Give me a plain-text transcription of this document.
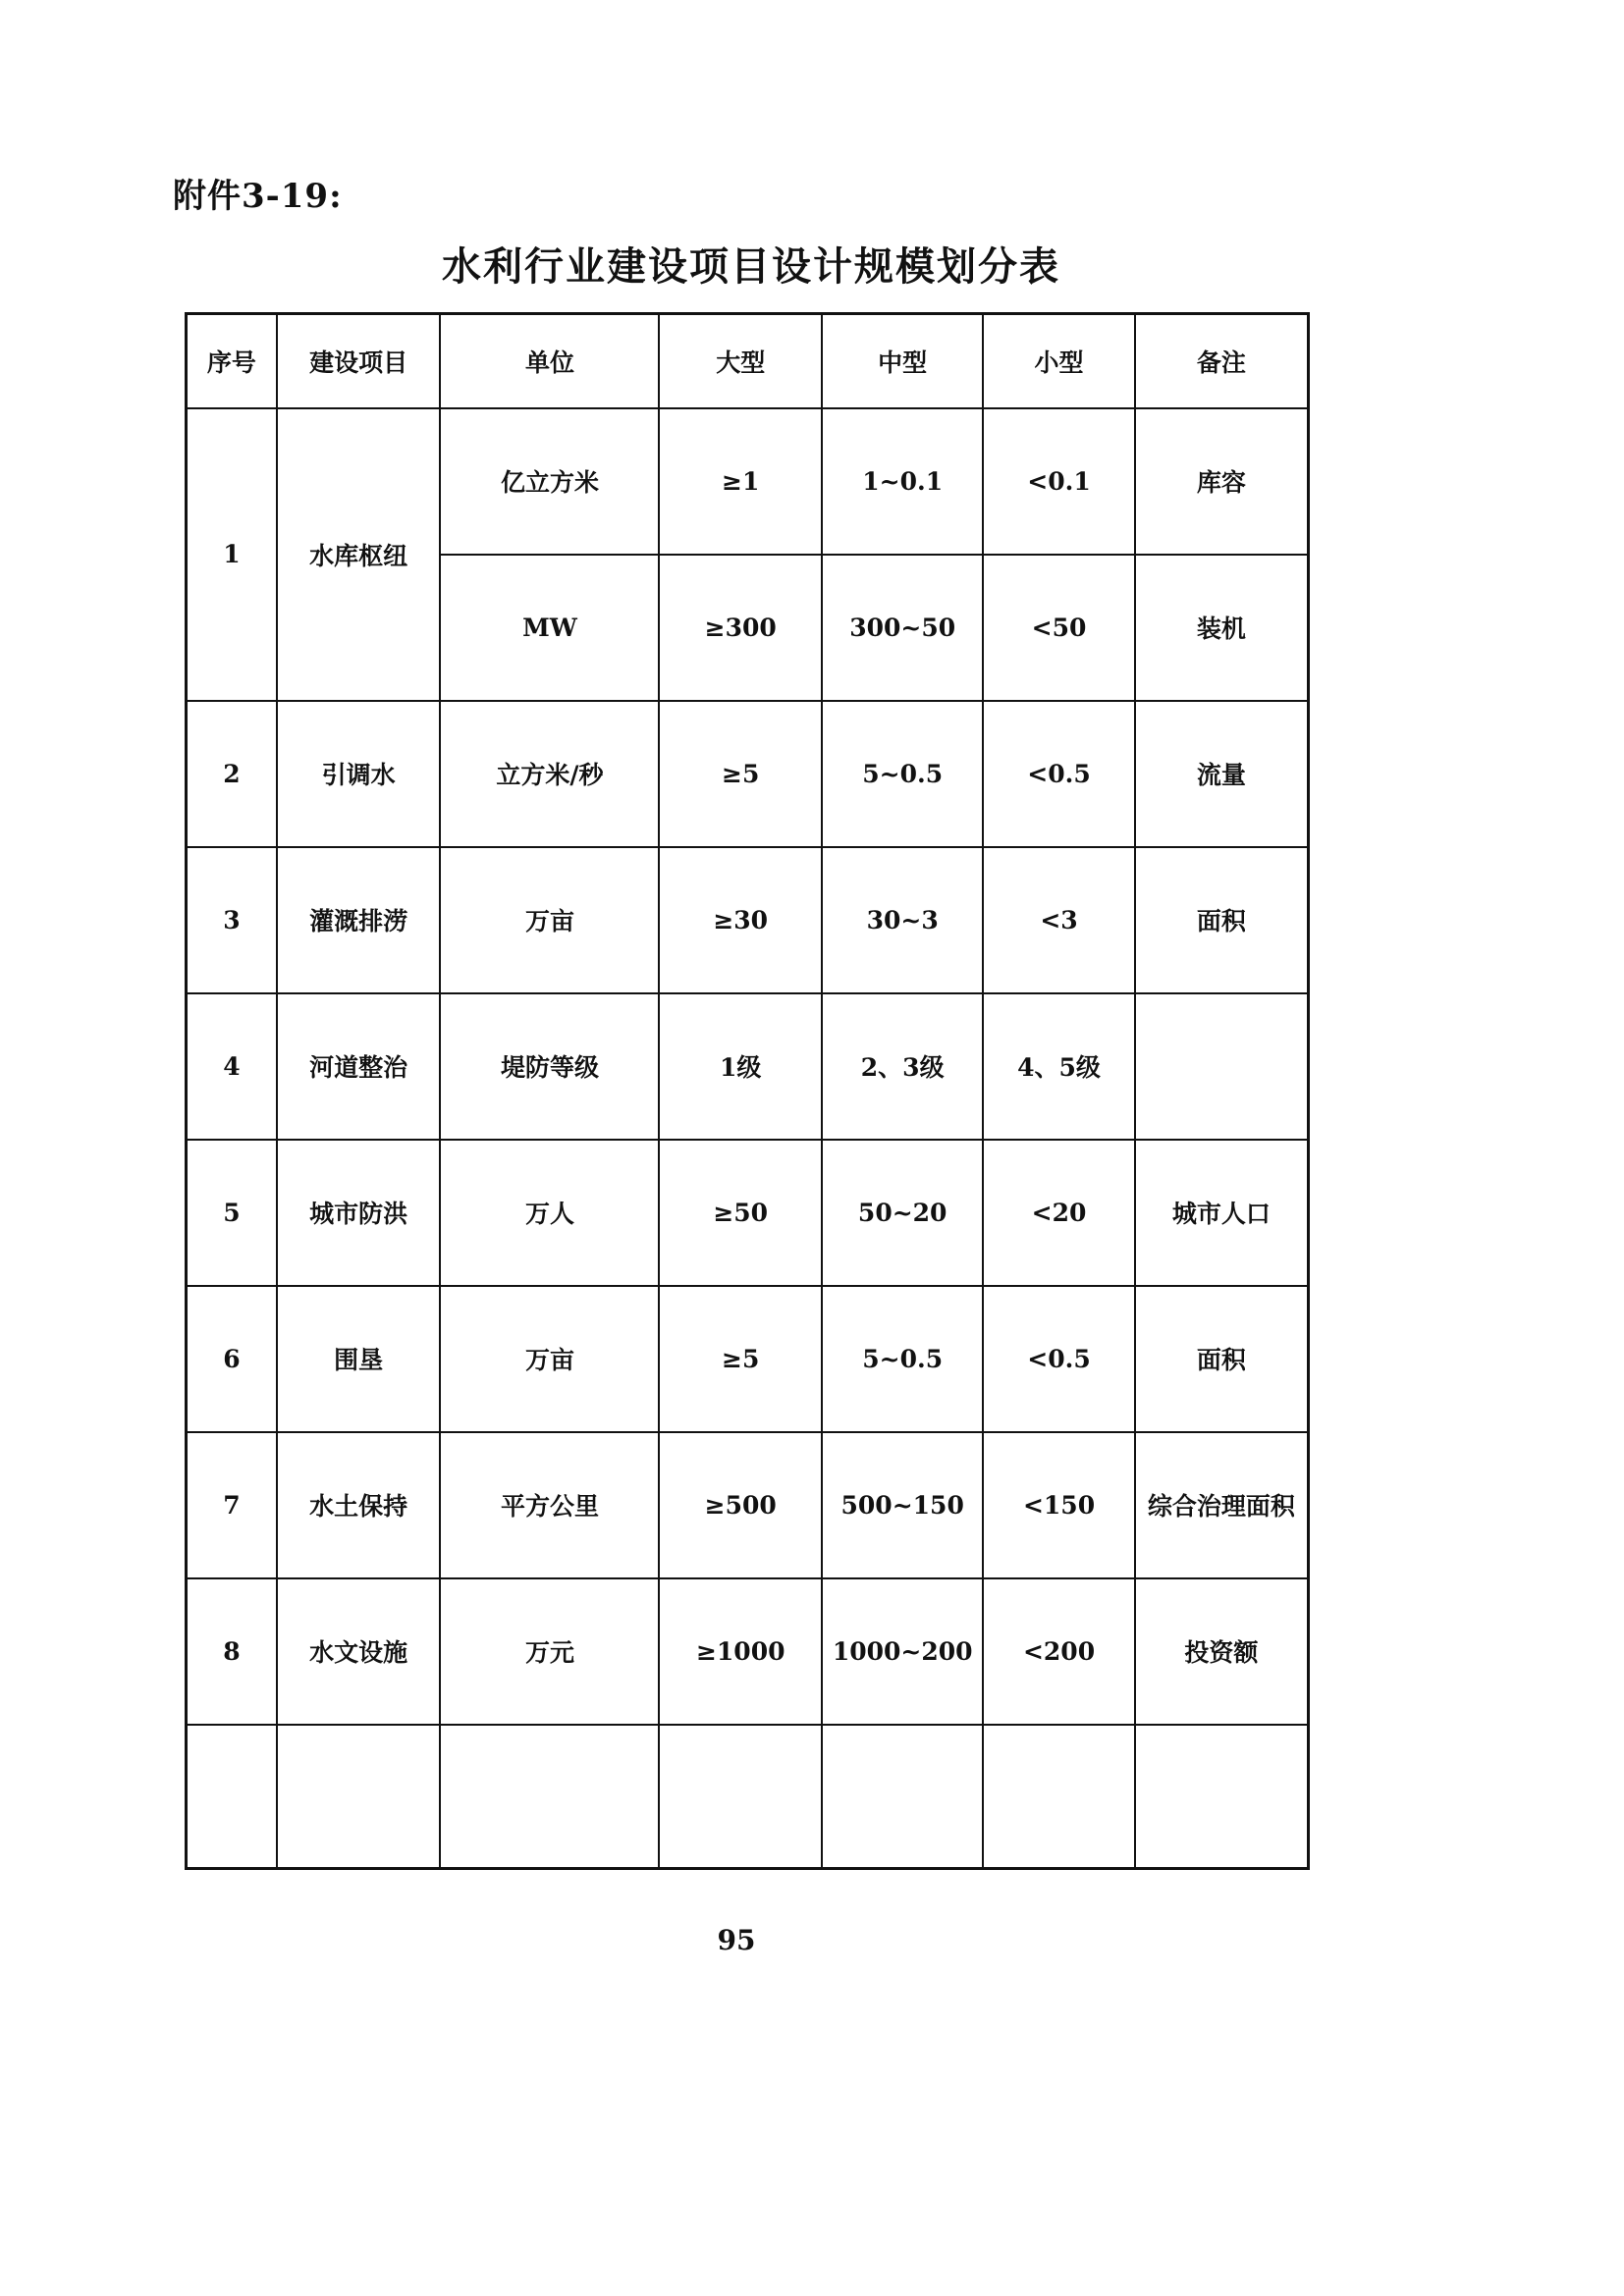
附件3-19:
水利行业建设项目设计规模划分表
序号	建设项目	单位	大型	中型	小型	备注
1	水库枢纽	亿立方米	≥1	1~0.1	<0.1	库容
		MW	≥300	300~50	<50	装机
2	引调水	立方米/秒	≥5	5~0.5	<0.5	流量
3	灌溉排涝	万亩	≥30	30~3	<3	面积
4	河道整治	堤防等级	1级	2、3级	4、5级	
5	城市防洪	万人	≥50	50~20	<20	城市人口
6	围垦	万亩	≥5	5~0.5	<0.5	面积
7	水土保持	平方公里	≥500	500~150	<150	综合治理面积
8	水文设施	万元	≥1000	1000~200	<200	投资额

95
